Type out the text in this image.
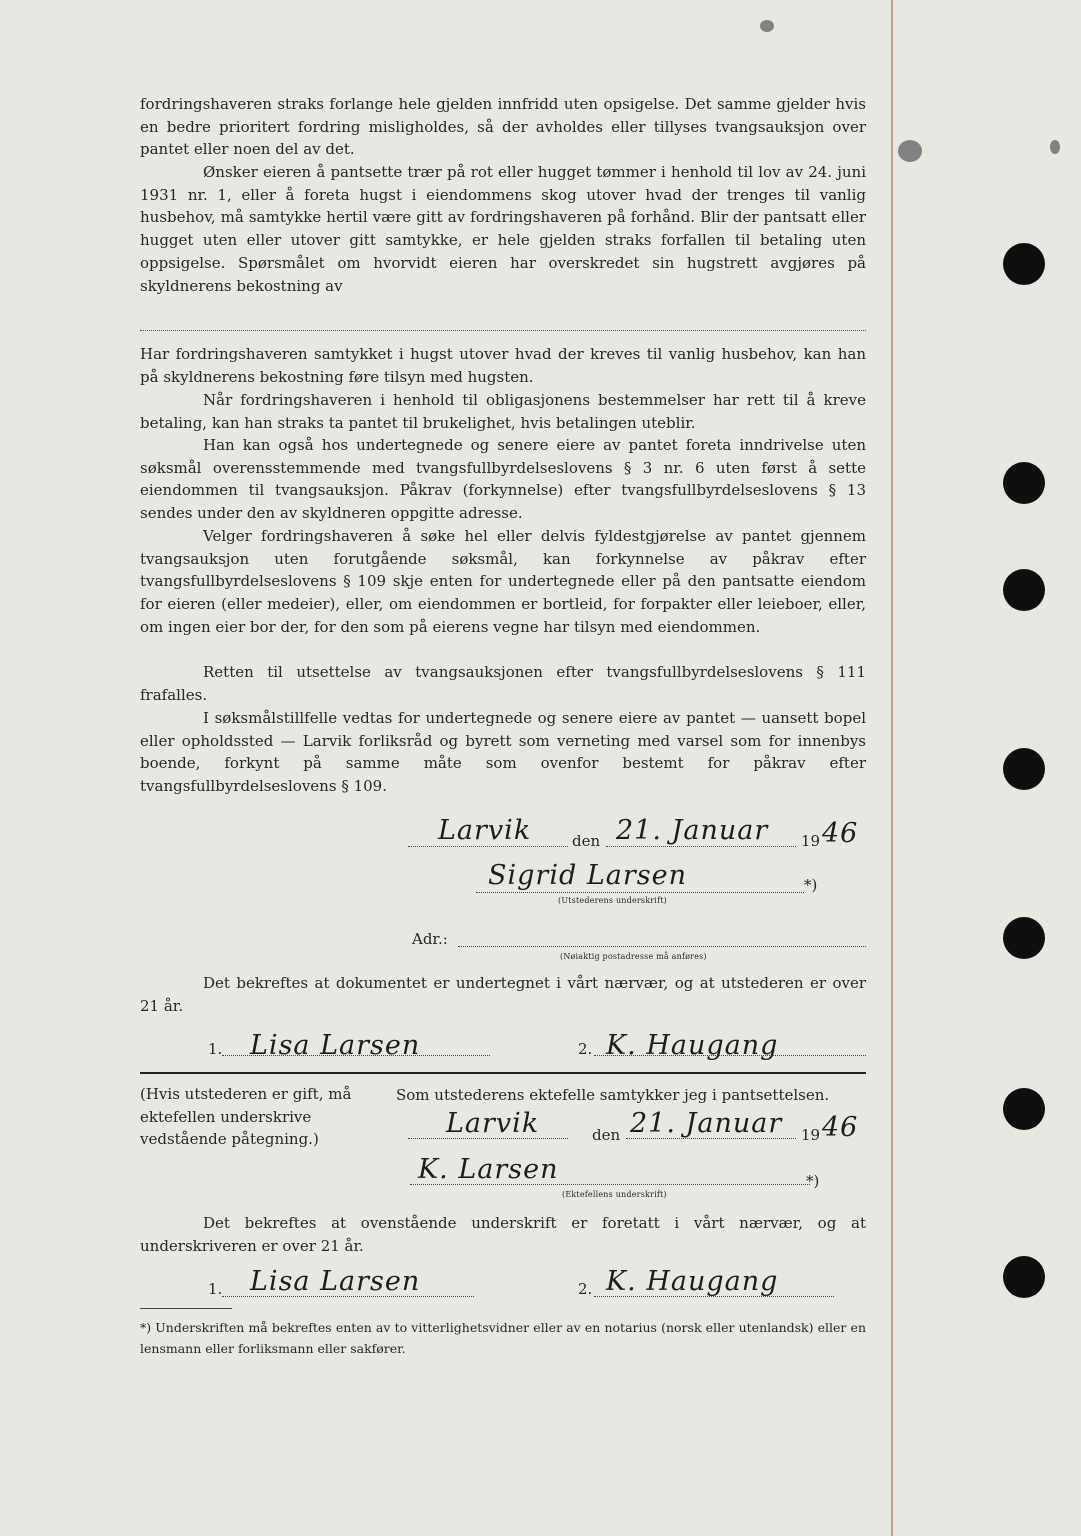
fordringshaveren straks forlange hele gjelden innfridd uten opsigelse. Det samme gjelder hvis en bedre prioritert fordring misligholdes, så der avholdes eller tillyses tvangsauksjon over pantet eller noen del av det.

Ønsker eieren å pantsette trær på rot eller hugget tømmer i henhold til lov av 24. juni 1931 nr. 1, eller å foreta hugst i eiendommens skog utover hvad der trenges til vanlig husbehov, må samtykke hertil være gitt av fordringshaveren på forhånd. Blir der pantsatt eller hugget uten eller utover gitt samtykke, er hele gjelden straks forfallen til betaling uten oppsigelse. Spørsmålet om hvorvidt eieren har overskredet sin hugstrett avgjøres på skyldnerens bekostning av

Har fordringshaveren samtykket i hugst utover hvad der kreves til vanlig husbehov, kan han på skyldnerens bekostning føre tilsyn med hugsten.

Når fordringshaveren i henhold til obligasjonens bestemmelser har rett til å kreve betaling, kan han straks ta pantet til brukelighet, hvis betalingen uteblir.

Han kan også hos undertegnede og senere eiere av pantet foreta inndrivelse uten søksmål overensstemmende med tvangsfullbyrdelseslovens § 3 nr. 6 uten først å sette eiendommen til tvangsauksjon. Påkrav (forkynnelse) efter tvangsfullbyrdelseslovens § 13 sendes under den av skyldneren oppgitte adresse.

Velger fordringshaveren å søke hel eller delvis fyldestgjørelse av pantet gjennem tvangsauksjon uten forutgående søksmål, kan forkynnelse av påkrav efter tvangsfullbyrdelseslovens § 109 skje enten for undertegnede eller på den pantsatte eiendom for eieren (eller medeier), eller, om eiendommen er bortleid, for forpakter eller leieboer, eller, om ingen eier bor der, for den som på eierens vegne har tilsyn med eiendommen.

Retten til utsettelse av tvangsauksjonen efter tvangsfullbyrdelseslovens § 111 frafalles.

I søksmålstillfelle vedtas for undertegnede og senere eiere av pantet — uansett bopel eller opholdssted — Larvik forliksråd og byrett som verneting med varsel som for innenbys boende, forkynt på samme måte som ovenfor bestemt for påkrav efter tvangsfullbyrdelseslovens § 109.

Larvik	den 21. Januar 19 46
Sigrid Larsen	*)
(Utstederens underskrift)
Adr.:
(Nøiaktig postadresse må anføres)

Det bekreftes at dokumentet er undertegnet i vårt nærvær, og at utstederen er over 21 år.

1. Lisa Larsen	2. K. Haugang

(Hvis utstederen er gift, må ektefellen underskrive vedstående påtegning.)

Som utstederens ektefelle samtykker jeg i pantsettelsen.
Larvik	den 21. Januar 19 46
K. Larsen	*)
(Ektefellens underskrift)

Det bekreftes at ovenstående underskrift er foretatt i vårt nærvær, og at underskriveren er over 21 år.

1. Lisa Larsen	2. K. Haugang

*) Underskriften må bekreftes enten av to vitterlighetsvidner eller av en notarius (norsk eller utenlandsk) eller en lensmann eller forliksmann eller sakfører.
